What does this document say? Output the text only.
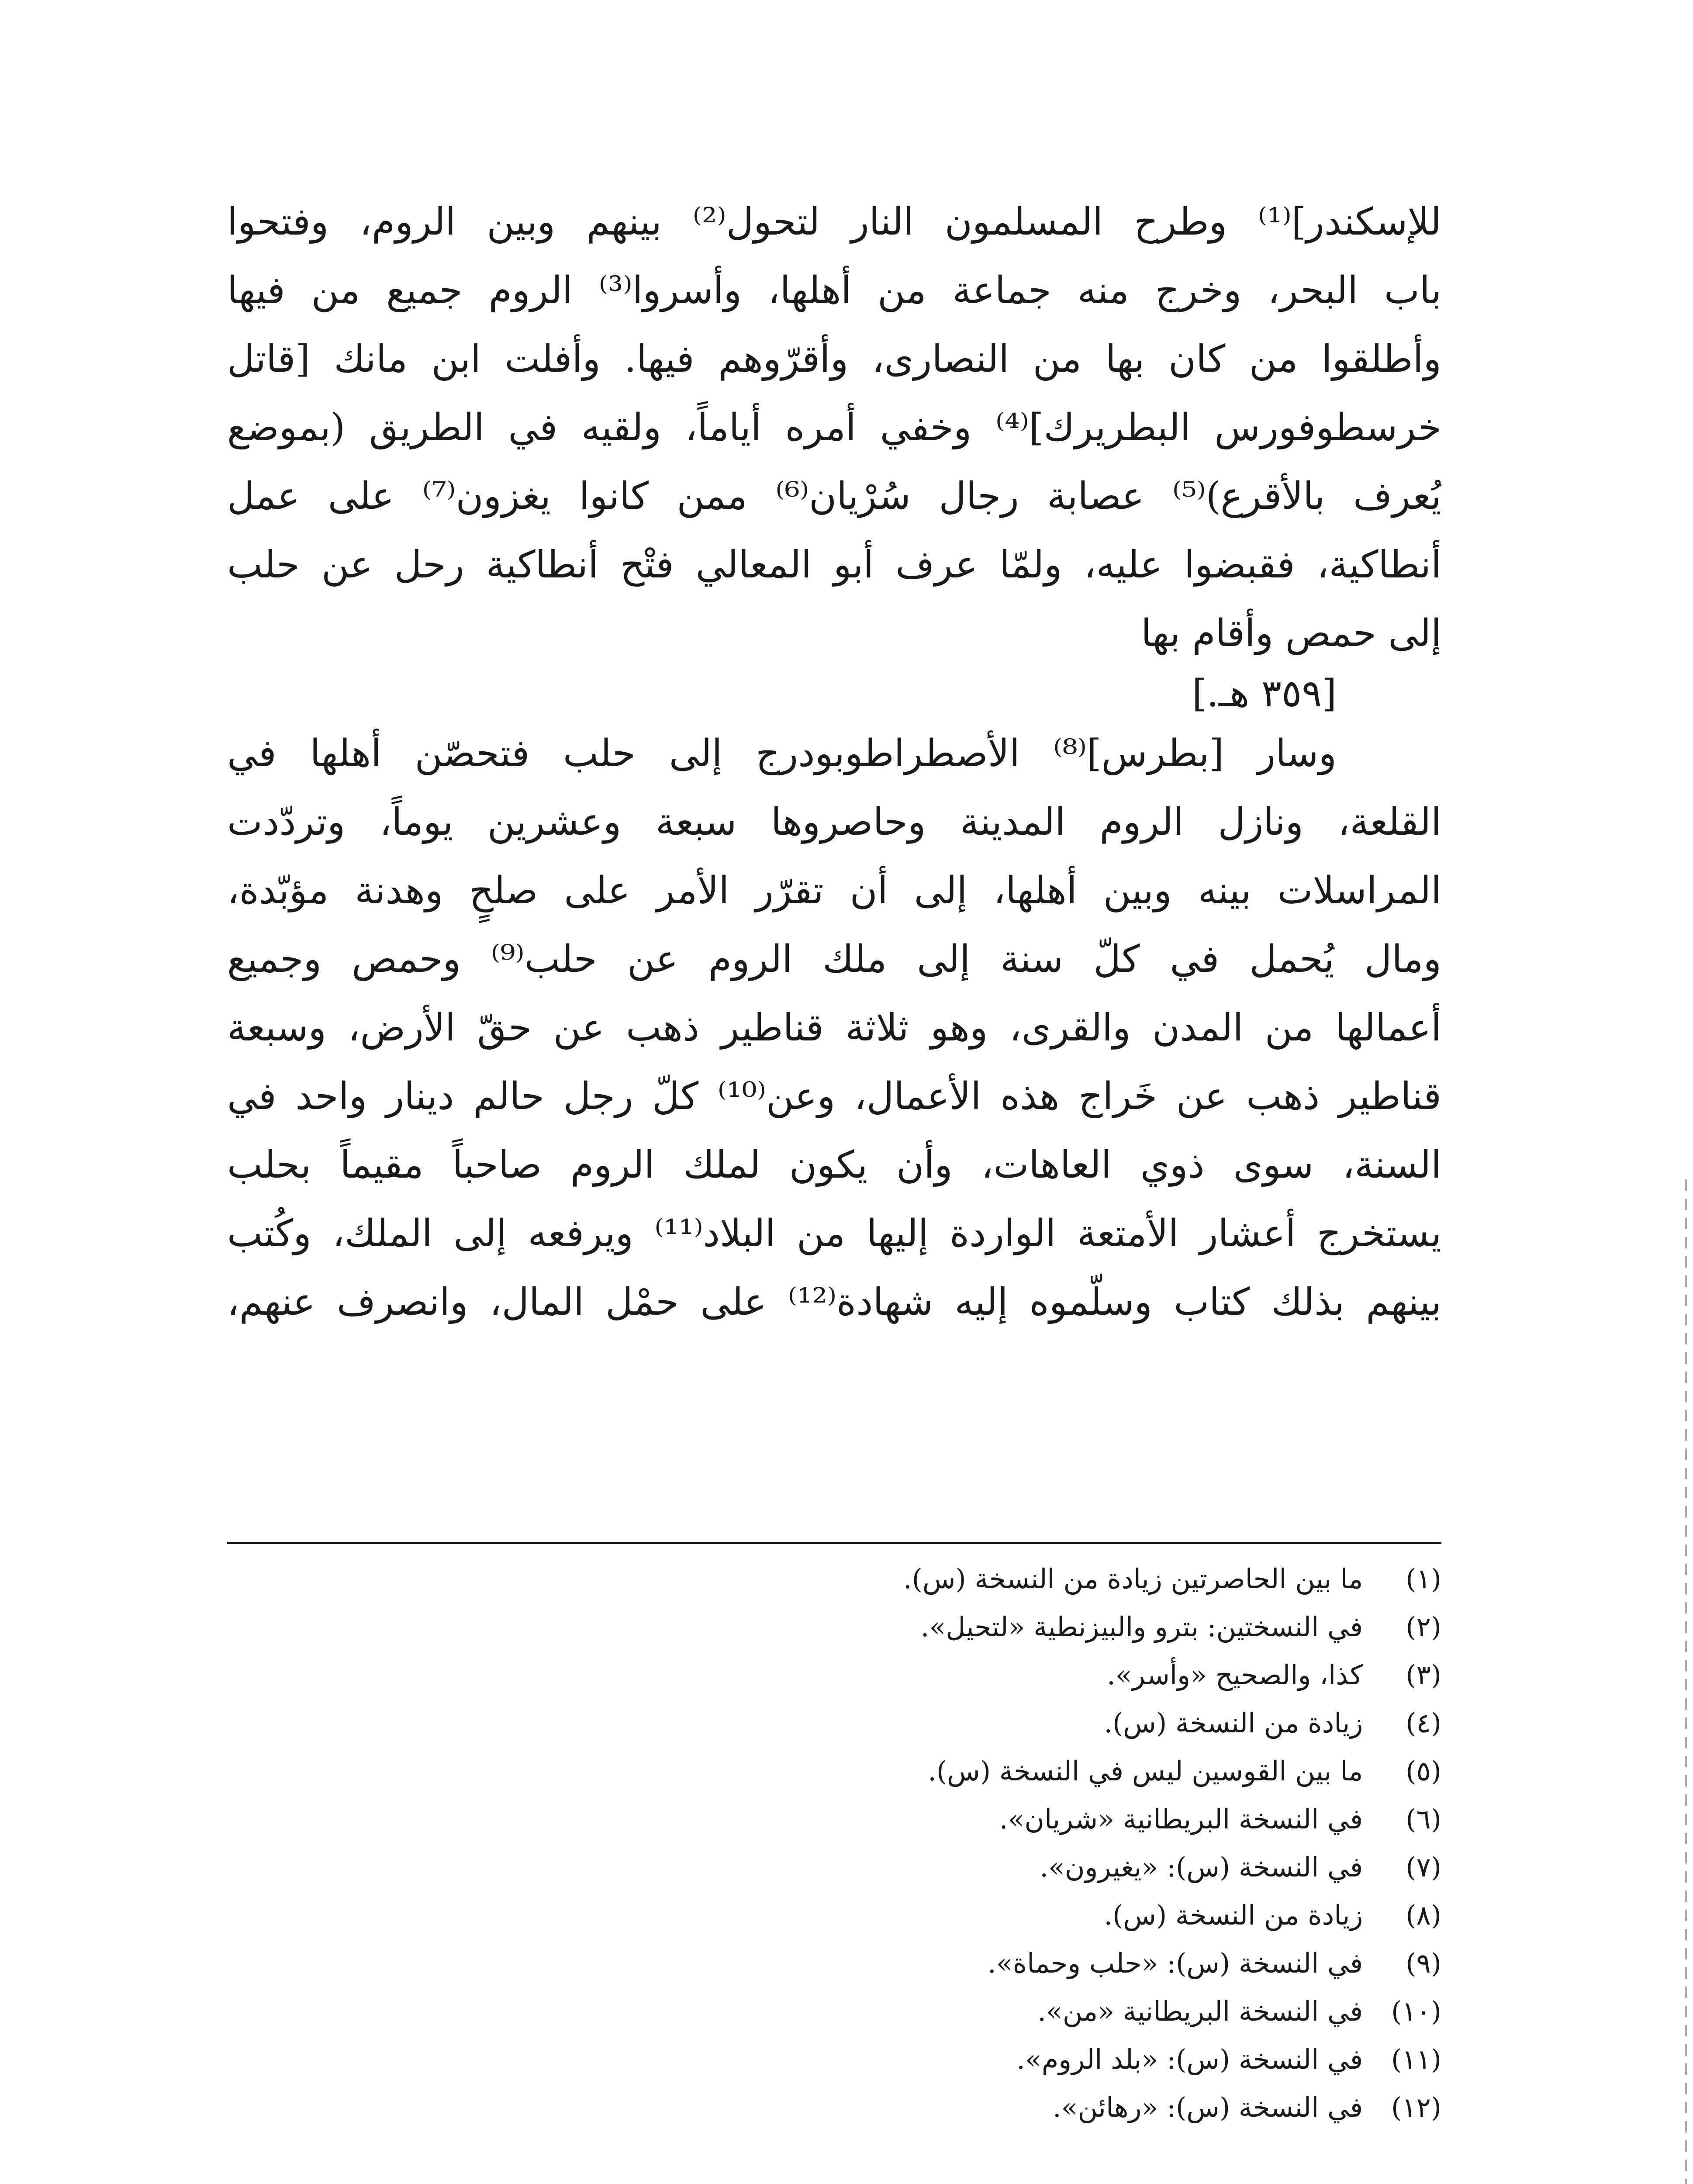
للإسكندر]⁽¹⁾ وطرح المسلمون النار لتحول⁽²⁾ بينهم وبين الروم، وفتحوا
باب البحر، وخرج منه جماعة من أهلها، وأسروا⁽³⁾ الروم جميع من فيها
وأطلقوا من كان بها من النصارى، وأقرّوهم فيها. وأفلت ابن مانك [قاتل
خرسطوفورس البطريرك]⁽⁴⁾ وخفي أمره أياماً، ولقيه في الطريق (بموضع
يُعرف بالأقرع)⁽⁵⁾ عصابة رجال سُرْيان⁽⁶⁾ ممن كانوا يغزون⁽⁷⁾ على عمل
أنطاكية، فقبضوا عليه، ولمّا عرف أبو المعالي فتْح أنطاكية رحل عن حلب
إلى حمص وأقام بها
[٣٥٩ هـ.]
وسار [بطرس]⁽⁸⁾ الأصطراطوبودرج إلى حلب فتحصّن أهلها في
القلعة، ونازل الروم المدينة وحاصروها سبعة وعشرين يوماً، وتردّدت
المراسلات بينه وبين أهلها، إلى أن تقرّر الأمر على صلحٍ وهدنة مؤبّدة،
ومال يُحمل في كلّ سنة إلى ملك الروم عن حلب⁽⁹⁾ وحمص وجميع
أعمالها من المدن والقرى، وهو ثلاثة قناطير ذهب عن حقّ الأرض، وسبعة
قناطير ذهب عن خَراج هذه الأعمال، وعن⁽¹⁰⁾ كلّ رجل حالم دينار واحد في
السنة، سوى ذوي العاهات، وأن يكون لملك الروم صاحباً مقيماً بحلب
يستخرج أعشار الأمتعة الواردة إليها من البلاد⁽¹¹⁾ ويرفعه إلى الملك، وكُتب
بينهم بذلك كتاب وسلّموه إليه شهادة⁽¹²⁾ على حمْل المال، وانصرف عنهم،
(١) ما بين الحاصرتين زيادة من النسخة (س).
(٢) في النسختين: بترو والبيزنطية «لتحيل».
(٣) كذا، والصحيح «وأسر».
(٤) زيادة من النسخة (س).
(٥) ما بين القوسين ليس في النسخة (س).
(٦) في النسخة البريطانية «شريان».
(٧) في النسخة (س): «يغيرون».
(٨) زيادة من النسخة (س).
(٩) في النسخة (س): «حلب وحماة».
(١٠) في النسخة البريطانية «من».
(١١) في النسخة (س): «بلد الروم».
(١٢) في النسخة (س): «رهائن».
